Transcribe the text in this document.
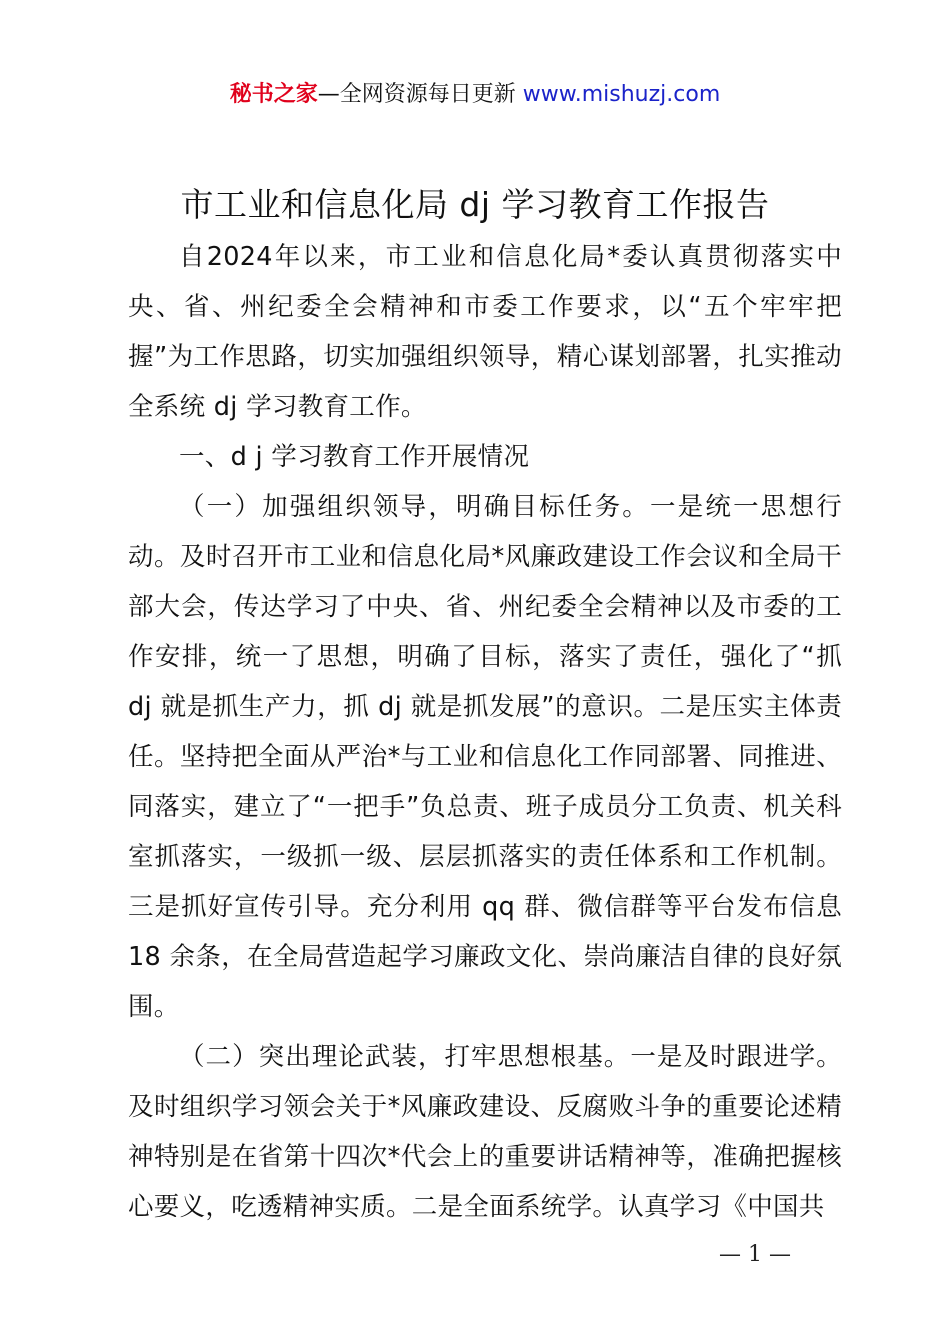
秘书之家—全网资源每日更新 www.mishuzj.com
市工业和信息化局 dj 学习教育工作报告

自2024年以来，市工业和信息化局*委认真贯彻落实中央、省、州纪委全会精神和市委工作要求，以“五个牢牢把握”为工作思路，切实加强组织领导，精心谋划部署，扎实推动全系统 dj 学习教育工作。

一、d j 学习教育工作开展情况

（一）加强组织领导，明确目标任务。一是统一思想行动。及时召开市工业和信息化局*风廉政建设工作会议和全局干部大会，传达学习了中央、省、州纪委全会精神以及市委的工作安排，统一了思想，明确了目标，落实了责任，强化了“抓 dj 就是抓生产力，抓 dj 就是抓发展”的意识。二是压实主体责任。坚持把全面从严治*与工业和信息化工作同部署、同推进、同落实，建立了“一把手”负总责、班子成员分工负责、机关科室抓落实，一级抓一级、层层抓落实的责任体系和工作机制。三是抓好宣传引导。充分利用 qq 群、微信群等平台发布信息 18 余条，在全局营造起学习廉政文化、崇尚廉洁自律的良好氛围。

（二）突出理论武装，打牢思想根基。一是及时跟进学。及时组织学习领会关于*风廉政建设、反腐败斗争的重要论述精神特别是在省第十四次*代会上的重要讲话精神等，准确把握核心要义，吃透精神实质。二是全面系统学。认真学习《中国共

— 1 —
